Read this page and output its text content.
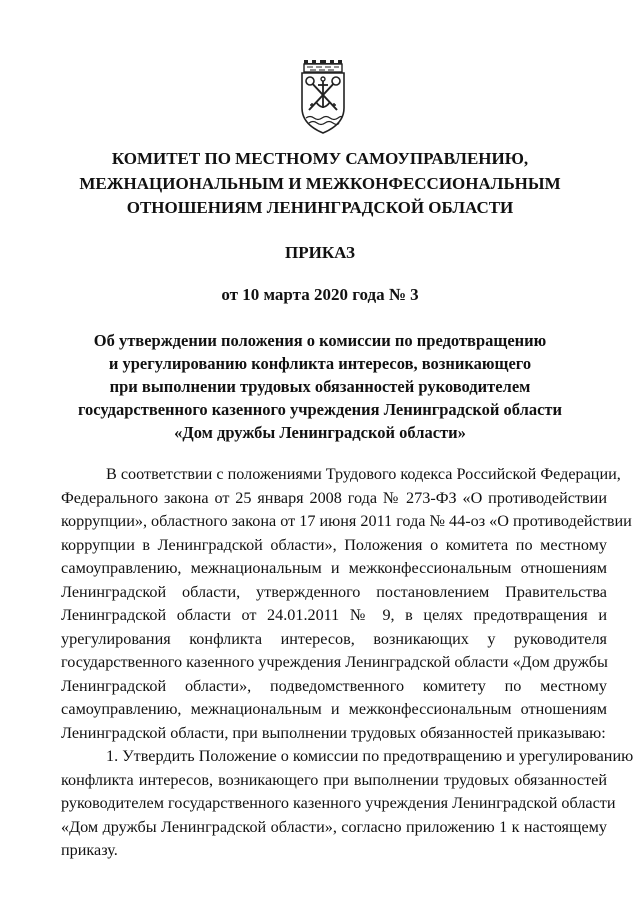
КОМИТЕТ ПО МЕСТНОМУ САМОУПРАВЛЕНИЮ,
МЕЖНАЦИОНАЛЬНЫМ И МЕЖКОНФЕССИОНАЛЬНЫМ
ОТНОШЕНИЯМ ЛЕНИНГРАДСКОЙ ОБЛАСТИ
ПРИКАЗ
от 10 марта 2020 года № 3
Об утверждении положения о комиссии по предотвращению
и урегулированию конфликта интересов, возникающего
при выполнении трудовых обязанностей руководителем
государственного казенного учреждения Ленинградской области
«Дом дружбы Ленинградской области»
В соответствии с положениями Трудового кодекса Российской Федерации,
Федерального закона от 25 января 2008 года № 273-ФЗ «О противодействии
коррупции», областного закона от 17 июня 2011 года № 44-оз «О противодействии
коррупции в Ленинградской области», Положения о комитета по местному
самоуправлению, межнациональным и межконфессиональным отношениям
Ленинградской области, утвержденного постановлением Правительства
Ленинградской области от 24.01.2011 № 9, в целях предотвращения и
урегулирования конфликта интересов, возникающих у руководителя
государственного казенного учреждения Ленинградской области «Дом дружбы
Ленинградской области», подведомственного комитету по местному
самоуправлению, межнациональным и межконфессиональным отношениям
Ленинградской области, при выполнении трудовых обязанностей приказываю:
1. Утвердить Положение о комиссии по предотвращению и урегулированию
конфликта интересов, возникающего при выполнении трудовых обязанностей
руководителем государственного казенного учреждения Ленинградской области
«Дом дружбы Ленинградской области», согласно приложению 1 к настоящему
приказу.
